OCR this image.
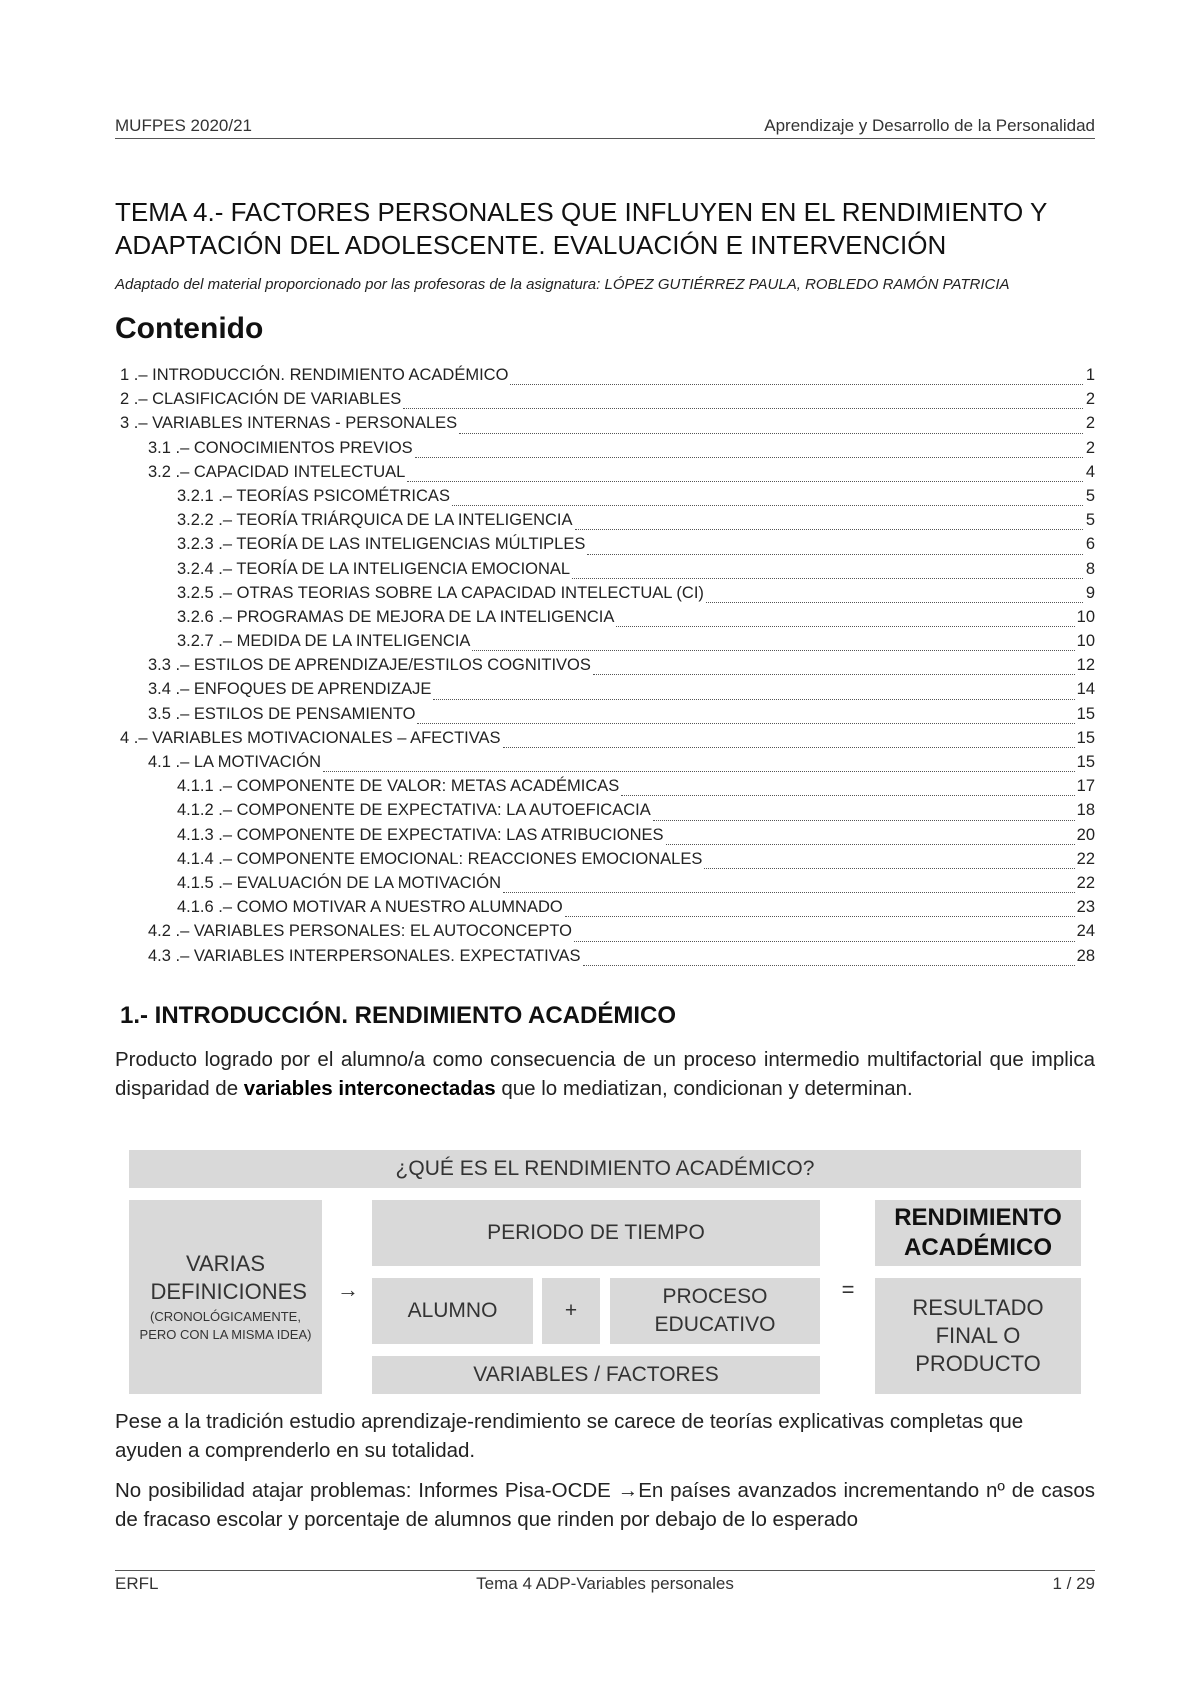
MUFPES 2020/21	Aprendizaje y Desarrollo de la Personalidad
TEMA 4.- FACTORES PERSONALES QUE INFLUYEN EN EL RENDIMIENTO Y ADAPTACIÓN DEL ADOLESCENTE. EVALUACIÓN E INTERVENCIÓN
Adaptado del material proporcionado por las profesoras de la asignatura: LÓPEZ GUTIÉRREZ PAULA, ROBLEDO RAMÓN PATRICIA
Contenido
1 .– INTRODUCCIÓN. RENDIMIENTO ACADÉMICO	1
2 .– CLASIFICACIÓN DE VARIABLES	2
3 .– VARIABLES INTERNAS - PERSONALES	2
3.1 .– CONOCIMIENTOS PREVIOS	2
3.2 .– CAPACIDAD INTELECTUAL	4
3.2.1 .– TEORÍAS PSICOMÉTRICAS	5
3.2.2 .– TEORÍA TRIÁRQUICA DE LA INTELIGENCIA	5
3.2.3 .– TEORÍA DE LAS INTELIGENCIAS MÚLTIPLES	6
3.2.4 .– TEORÍA DE LA INTELIGENCIA EMOCIONAL	8
3.2.5 .– OTRAS TEORIAS SOBRE LA CAPACIDAD INTELECTUAL (CI)	9
3.2.6 .– PROGRAMAS DE MEJORA DE LA INTELIGENCIA	10
3.2.7 .– MEDIDA DE LA INTELIGENCIA	10
3.3 .– ESTILOS DE APRENDIZAJE/ESTILOS COGNITIVOS	12
3.4 .– ENFOQUES DE APRENDIZAJE	14
3.5 .– ESTILOS DE PENSAMIENTO	15
4 .– VARIABLES MOTIVACIONALES – AFECTIVAS	15
4.1 .– LA MOTIVACIÓN	15
4.1.1 .– COMPONENTE DE VALOR: METAS ACADÉMICAS	17
4.1.2 .– COMPONENTE DE EXPECTATIVA: LA AUTOEFICACIA	18
4.1.3 .– COMPONENTE DE EXPECTATIVA: LAS ATRIBUCIONES	20
4.1.4 .– COMPONENTE EMOCIONAL: REACCIONES EMOCIONALES	22
4.1.5 .– EVALUACIÓN DE LA MOTIVACIÓN	22
4.1.6 .– COMO MOTIVAR A NUESTRO ALUMNADO	23
4.2 .– VARIABLES PERSONALES: EL AUTOCONCEPTO	24
4.3 .– VARIABLES INTERPERSONALES. EXPECTATIVAS	28
1.- INTRODUCCIÓN. RENDIMIENTO ACADÉMICO

Producto logrado por el alumno/a como consecuencia de un proceso intermedio multifactorial que implica disparidad de variables interconectadas que lo mediatizan, condicionan y determinan.

¿QUÉ ES EL RENDIMIENTO ACADÉMICO?
VARIAS DEFINICIONES
(CRONOLÓGICAMENTE, PERO CON LA MISMA IDEA)
→
PERIODO DE TIEMPO
ALUMNO	+
PROCESO EDUCATIVO
VARIABLES / FACTORES
=
RENDIMIENTO ACADÉMICO
RESULTADO FINAL O PRODUCTO

Pese a la tradición estudio aprendizaje-rendimiento se carece de teorías explicativas completas que ayuden a comprenderlo en su totalidad.

No posibilidad atajar problemas: Informes Pisa-OCDE →En países avanzados incrementando nº de casos de fracaso escolar y porcentaje de alumnos que rinden por debajo de lo esperado

ERFL	Tema 4 ADP-Variables personales	1 / 29
